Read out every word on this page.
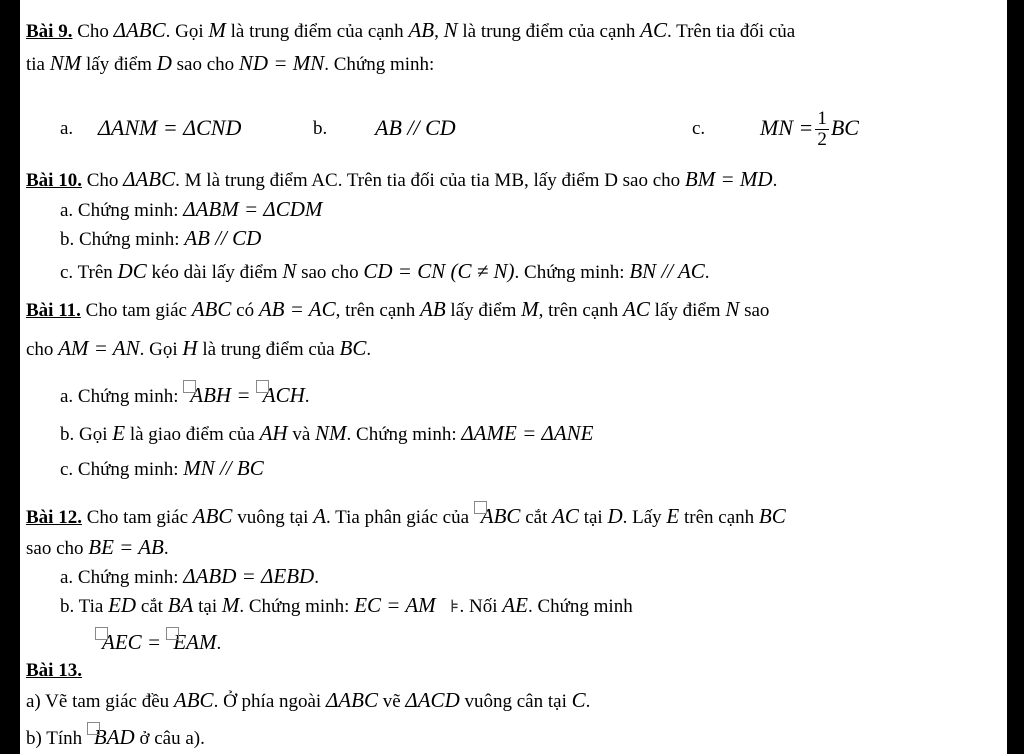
Bài 9. Cho ΔABC. Gọi M là trung điểm của cạnh AB, N là trung điểm của cạnh AC. Trên tia đối của
tia NM lấy điểm D sao cho ND = MN. Chứng minh:
a. ΔANM = ΔCND	b. AB // CD	c. MN = $\frac{1}{2}$ BC
Bài 10. Cho ΔABC. M là trung điểm AC. Trên tia đối của tia MB, lấy điểm D sao cho BM = MD.
a. Chứng minh: ΔABM = ΔCDM
b. Chứng minh: AB // CD
c. Trên DC kéo dài lấy điểm N sao cho CD = CN (C ≠ N). Chứng minh: BN // AC.
Bài 11. Cho tam giác ABC có AB = AC, trên cạnh AB lấy điểm M, trên cạnh AC lấy điểm N sao
cho AM = AN. Gọi H là trung điểm của BC.
a. Chứng minh: ABH = ACH.
b. Gọi E là giao điểm của AH và NM. Chứng minh: ΔAME = ΔANE
c. Chứng minh: MN // BC
Bài 12. Cho tam giác ABC vuông tại A. Tia phân giác của ABC cắt AC tại D. Lấy E trên cạnh BC
sao cho BE = AB.
a. Chứng minh: ΔABD = ΔEBD.
b. Tia ED cắt BA tại M. Chứng minh: EC = AM ⊧. Nối AE. Chứng minh
AEC = EAM.
Bài 13.
a) Vẽ tam giác đều ABC. Ở phía ngoài ΔABC vẽ ΔACD vuông cân tại C.
b) Tính BAD ở câu a).
